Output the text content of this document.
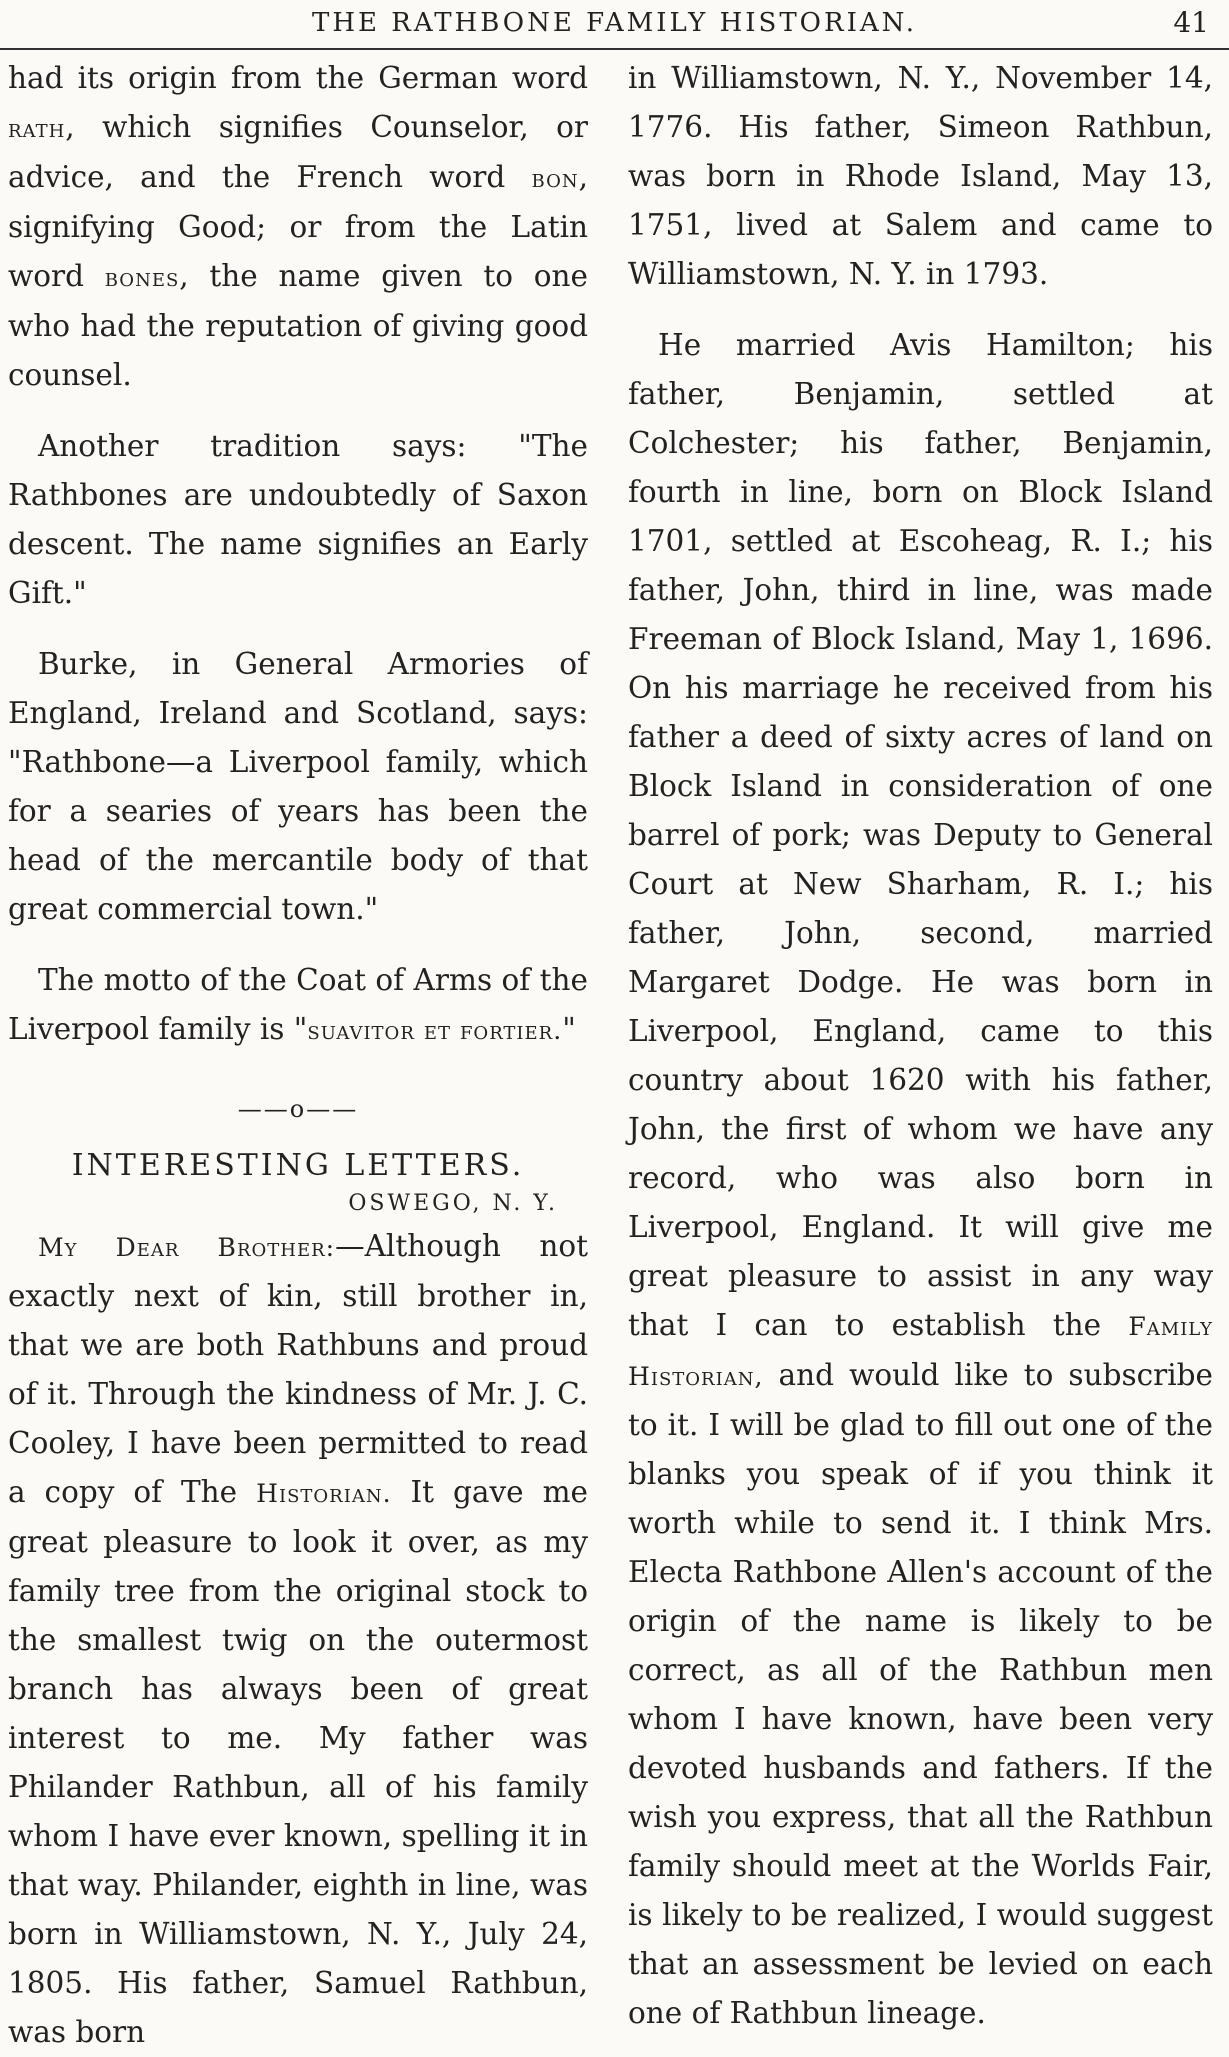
THE RATHBONE FAMILY HISTORIAN.	41

had its origin from the German word rath, which signifies Counselor, or advice, and the French word bon, signifying Good; or from the Latin word bones, the name given to one who had the reputation of giving good counsel.

Another tradition says: "The Rathbones are undoubtedly of Saxon descent. The name signifies an Early Gift."

Burke, in General Armories of England, Ireland and Scotland, says: "Rathbone—a Liverpool family, which for a searies of years has been the head of the mercantile body of that great commercial town."

The motto of the Coat of Arms of the Liverpool family is "suavitor et fortier."

——o——
INTERESTING LETTERS.
OSWEGO, N. Y.

My Dear Brother:—Although not exactly next of kin, still brother in, that we are both Rathbuns and proud of it. Through the kindness of Mr. J. C. Cooley, I have been permitted to read a copy of The Historian. It gave me great pleasure to look it over, as my family tree from the original stock to the smallest twig on the outermost branch has always been of great interest to me. My father was Philander Rathbun, all of his family whom I have ever known, spelling it in that way. Philander, eighth in line, was born in Williamstown, N. Y., July 24, 1805. His father, Samuel Rathbun, was born

in Williamstown, N. Y., November 14, 1776. His father, Simeon Rathbun, was born in Rhode Island, May 13, 1751, lived at Salem and came to Williamstown, N. Y. in 1793.

He married Avis Hamilton; his father, Benjamin, settled at Colchester; his father, Benjamin, fourth in line, born on Block Island 1701, settled at Escoheag, R. I.; his father, John, third in line, was made Freeman of Block Island, May 1, 1696. On his marriage he received from his father a deed of sixty acres of land on Block Island in consideration of one barrel of pork; was Deputy to General Court at New Sharham, R. I.; his father, John, second, married Margaret Dodge. He was born in Liverpool, England, came to this country about 1620 with his father, John, the first of whom we have any record, who was also born in Liverpool, England. It will give me great pleasure to assist in any way that I can to establish the Family Historian, and would like to subscribe to it. I will be glad to fill out one of the blanks you speak of if you think it worth while to send it. I think Mrs. Electa Rathbone Allen's account of the origin of the name is likely to be correct, as all of the Rathbun men whom I have known, have been very devoted husbands and fathers. If the wish you express, that all the Rathbun family should meet at the Worlds Fair, is likely to be realized, I would suggest that an assessment be levied on each one of Rathbun lineage.
